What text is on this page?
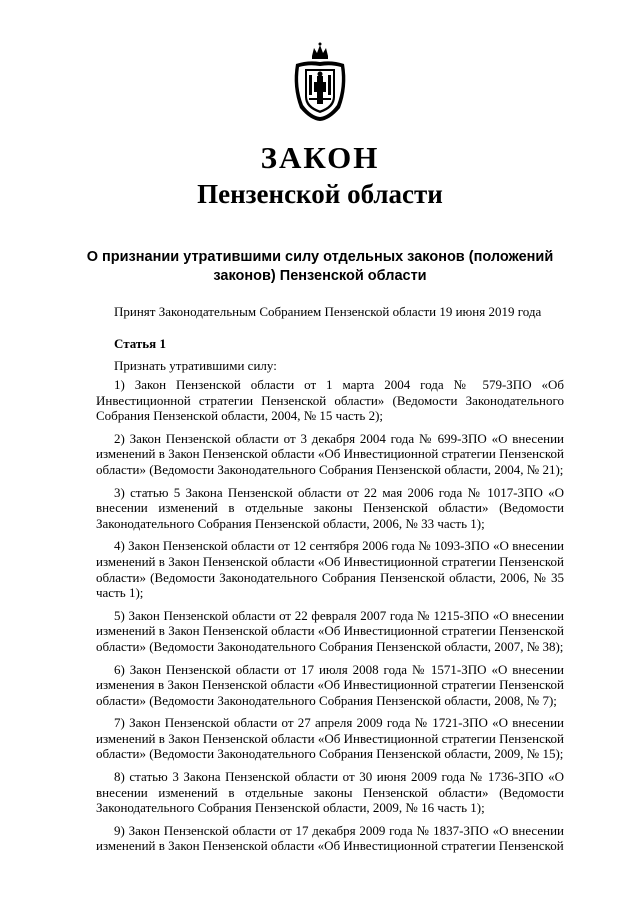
ЗАКОН
Пензенской области

О признании утратившими силу отдельных законов (положений законов) Пензенской области

Принят Законодательным Собранием Пензенской области 19 июня 2019 года

Статья 1

Признать утратившими силу:

1) Закон Пензенской области от 1 марта 2004 года № 579-ЗПО «Об Инвестиционной стратегии Пензенской области» (Ведомости Законодательного Собрания Пензенской области, 2004, № 15 часть 2);
2) Закон Пензенской области от 3 декабря 2004 года № 699-ЗПО «О внесении изменений в Закон Пензенской области «Об Инвестиционной стратегии Пензенской области» (Ведомости Законодательного Собрания Пензенской области, 2004, № 21);
3) статью 5 Закона Пензенской области от 22 мая 2006 года № 1017-ЗПО «О внесении изменений в отдельные законы Пензенской области» (Ведомости Законодательного Собрания Пензенской области, 2006, № 33 часть 1);
4) Закон Пензенской области от 12 сентября 2006 года № 1093-ЗПО «О внесении изменений в Закон Пензенской области «Об Инвестиционной стратегии Пензенской области» (Ведомости Законодательного Собрания Пензенской области, 2006, № 35 часть 1);
5) Закон Пензенской области от 22 февраля 2007 года № 1215-ЗПО «О внесении изменений в Закон Пензенской области «Об Инвестиционной стратегии Пензенской области» (Ведомости Законодательного Собрания Пензенской области, 2007, № 38);
6) Закон Пензенской области от 17 июля 2008 года № 1571-ЗПО «О внесении изменения в Закон Пензенской области «Об Инвестиционной стратегии Пензенской области» (Ведомости Законодательного Собрания Пензенской области, 2008, № 7);
7) Закон Пензенской области от 27 апреля 2009 года № 1721-ЗПО «О внесении изменений в Закон Пензенской области «Об Инвестиционной стратегии Пензенской области» (Ведомости Законодательного Собрания Пензенской области, 2009, № 15);
8) статью 3 Закона Пензенской области от 30 июня 2009 года № 1736-ЗПО «О внесении изменений в отдельные законы Пензенской области» (Ведомости Законодательного Собрания Пензенской области, 2009, № 16 часть 1);
9) Закон Пензенской области от 17 декабря 2009 года № 1837-ЗПО «О внесении изменений в Закон Пензенской области «Об Инвестиционной стратегии Пензенской
